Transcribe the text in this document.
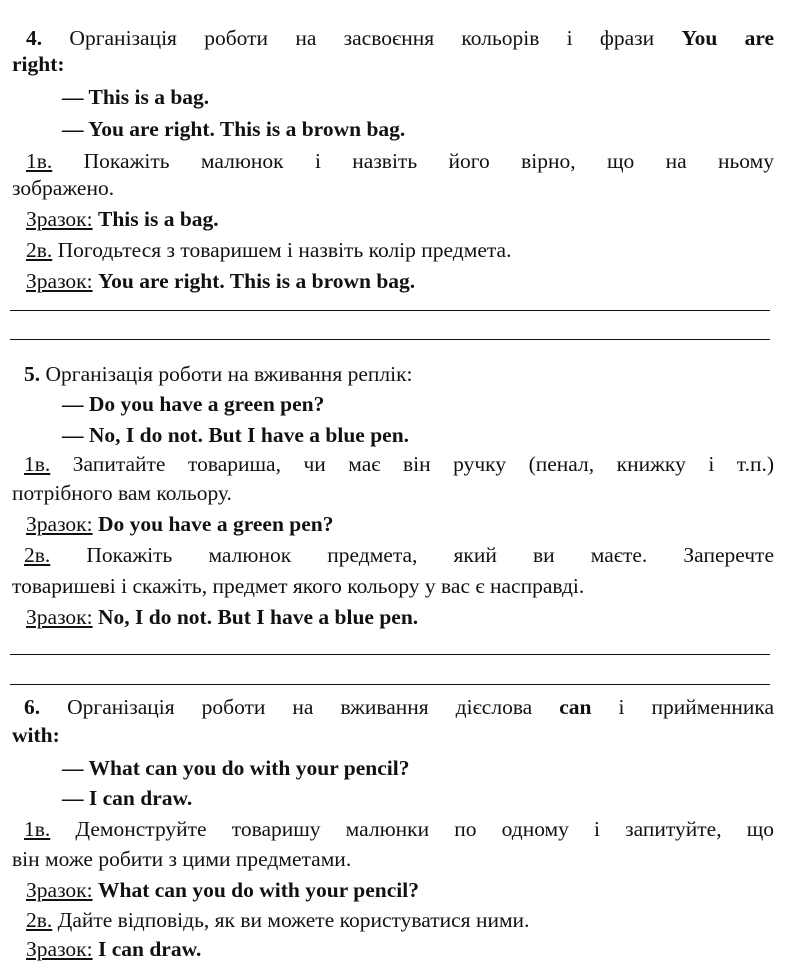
4. Організація роботи на засвоєння кольорів і фрази You are
right:
— This is a bag.
— You are right. This is a brown bag.
1в. Покажіть малюнок і назвіть його вірно, що на ньому
зображено.
Зразок: This is a bag.
2в. Погодьтеся з товаришем і назвіть колір предмета.
Зразок: You are right. This is a brown bag.
5. Організація роботи на вживання реплік:
— Do you have a green pen?
— No, I do not. But I have a blue pen.
1в. Запитайте товариша, чи має він ручку (пенал, книжку і т.п.)
потрібного вам кольору.
Зразок: Do you have a green pen?
2в. Покажіть малюнок предмета, який ви маєте. Заперечте
товаришеві і скажіть, предмет якого кольору у вас є насправді.
Зразок: No, I do not. But I have a blue pen.
6. Організація роботи на вживання дієслова can і прийменника
with:
— What can you do with your pencil?
— I can draw.
1в. Демонструйте товаришу малюнки по одному і запитуйте, що
він може робити з цими предметами.
Зразок: What can you do with your pencil?
2в. Дайте відповідь, як ви можете користуватися ними.
Зразок: I can draw.
